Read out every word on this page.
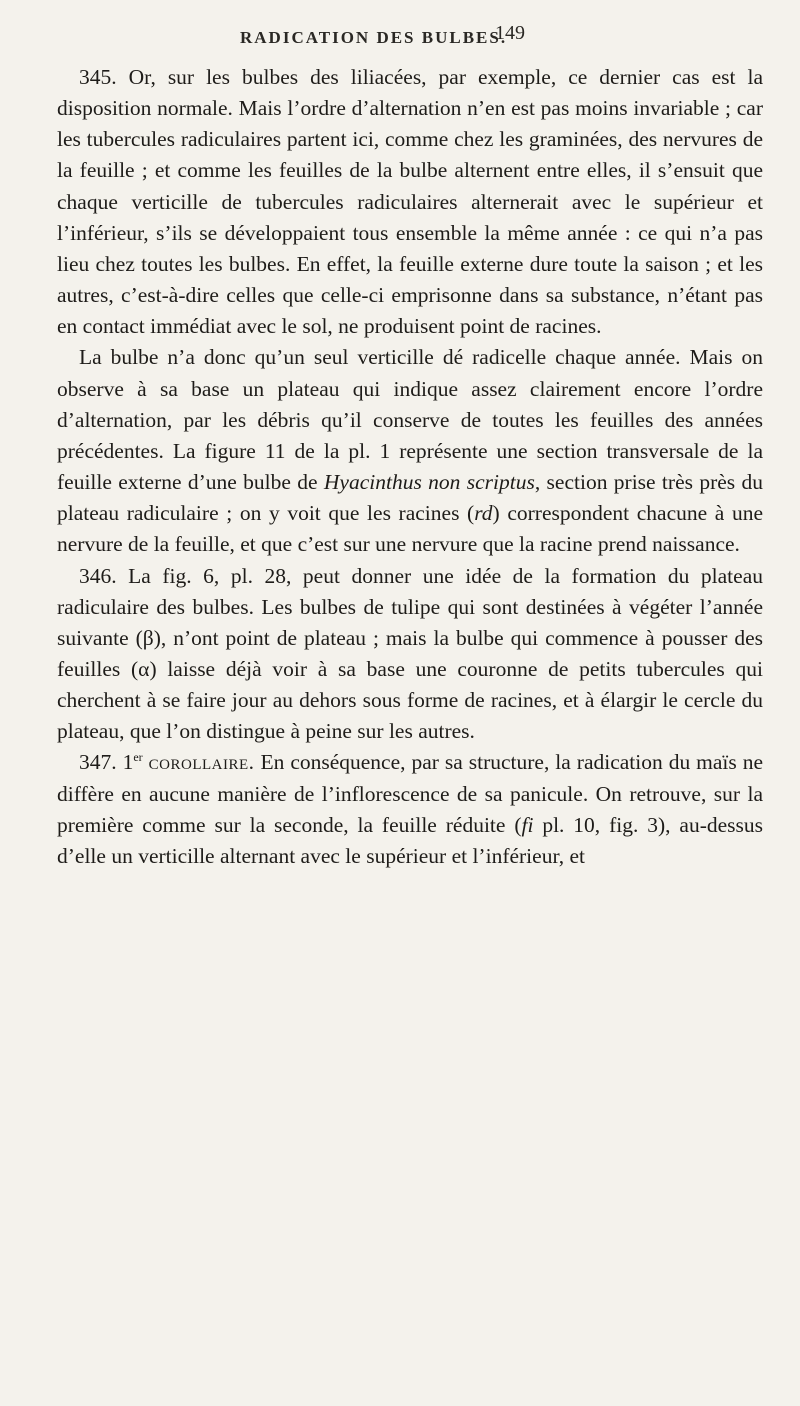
RADICATION DES BULBES.
149

345. Or, sur les bulbes des liliacées, par exemple, ce dernier cas est la disposition normale. Mais l’ordre d’alternation n’en est pas moins invariable ; car les tubercules radiculaires partent ici, comme chez les graminées, des nervures de la feuille ; et comme les feuilles de la bulbe alternent entre elles, il s’ensuit que chaque verticille de tubercules radiculaires alternerait avec le supérieur et l’inférieur, s’ils se développaient tous ensemble la même année : ce qui n’a pas lieu chez toutes les bulbes. En effet, la feuille externe dure toute la saison ; et les autres, c’est-à-dire celles que celle-ci emprisonne dans sa substance, n’étant pas en contact immédiat avec le sol, ne produisent point de racines.

La bulbe n’a donc qu’un seul verticille dé radicelle chaque année. Mais on observe à sa base un plateau qui indique assez clairement encore l’ordre d’alternation, par les débris qu’il conserve de toutes les feuilles des années précédentes. La figure 11 de la pl. 1 représente une section transversale de la feuille externe d’une bulbe de Hyacinthus non scriptus, section prise très près du plateau radiculaire ; on y voit que les racines (rd) correspondent chacune à une nervure de la feuille, et que c’est sur une nervure que la racine prend naissance.

346. La fig. 6, pl. 28, peut donner une idée de la formation du plateau radiculaire des bulbes. Les bulbes de tulipe qui sont destinées à végéter l’année suivante (β), n’ont point de plateau ; mais la bulbe qui commence à pousser des feuilles (α) laisse déjà voir à sa base une couronne de petits tubercules qui cherchent à se faire jour au dehors sous forme de racines, et à élargir le cercle du plateau, que l’on distingue à peine sur les autres.

347. 1er corollaire. En conséquence, par sa structure, la radication du maïs ne diffère en aucune manière de l’inflorescence de sa panicule. On retrouve, sur la première comme sur la seconde, la feuille réduite (fi pl. 10, fig. 3), au-dessus d’elle un verticille alternant avec le supérieur et l’inférieur, et
